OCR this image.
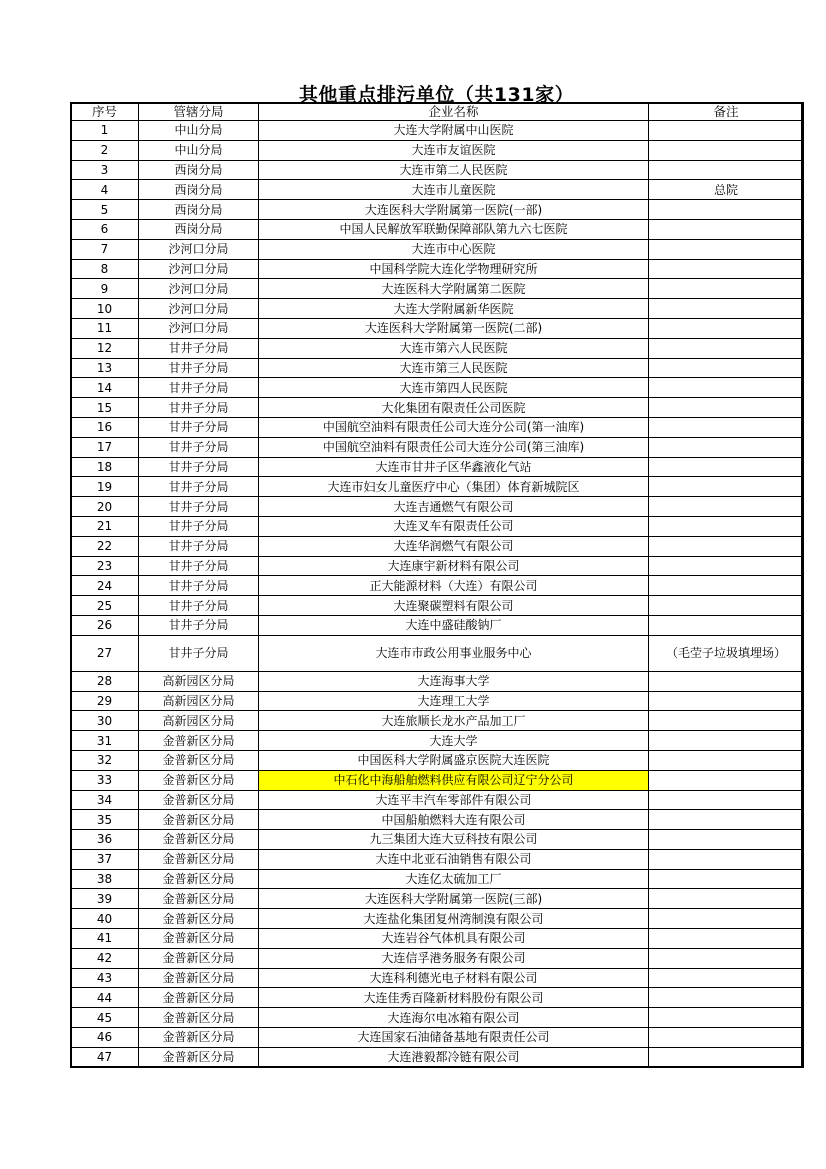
其他重点排污单位（共131家）
序号	管辖分局	企业名称	备注
1	中山分局	大连大学附属中山医院	
2	中山分局	大连市友谊医院	
3	西岗分局	大连市第二人民医院	
4	西岗分局	大连市儿童医院	总院
5	西岗分局	大连医科大学附属第一医院(一部)	
6	西岗分局	中国人民解放军联勤保障部队第九六七医院	
7	沙河口分局	大连市中心医院	
8	沙河口分局	中国科学院大连化学物理研究所	
9	沙河口分局	大连医科大学附属第二医院	
10	沙河口分局	大连大学附属新华医院	
11	沙河口分局	大连医科大学附属第一医院(二部)	
12	甘井子分局	大连市第六人民医院	
13	甘井子分局	大连市第三人民医院	
14	甘井子分局	大连市第四人民医院	
15	甘井子分局	大化集团有限责任公司医院	
16	甘井子分局	中国航空油料有限责任公司大连分公司(第一油库)	
17	甘井子分局	中国航空油料有限责任公司大连分公司(第三油库)	
18	甘井子分局	大连市甘井子区华鑫液化气站	
19	甘井子分局	大连市妇女儿童医疗中心（集团）体育新城院区	
20	甘井子分局	大连吉通燃气有限公司	
21	甘井子分局	大连叉车有限责任公司	
22	甘井子分局	大连华润燃气有限公司	
23	甘井子分局	大连康宇新材料有限公司	
24	甘井子分局	正大能源材料（大连）有限公司	
25	甘井子分局	大连聚碳塑料有限公司	
26	甘井子分局	大连中盛硅酸钠厂	
27	甘井子分局	大连市市政公用事业服务中心	（毛茔子垃圾填埋场）
28	高新园区分局	大连海事大学	
29	高新园区分局	大连理工大学	
30	高新园区分局	大连旅顺长龙水产品加工厂	
31	金普新区分局	大连大学	
32	金普新区分局	中国医科大学附属盛京医院大连医院	
33	金普新区分局	中石化中海船舶燃料供应有限公司辽宁分公司	
34	金普新区分局	大连平丰汽车零部件有限公司	
35	金普新区分局	中国船舶燃料大连有限公司	
36	金普新区分局	九三集团大连大豆科技有限公司	
37	金普新区分局	大连中北亚石油销售有限公司	
38	金普新区分局	大连亿太硫加工厂	
39	金普新区分局	大连医科大学附属第一医院(三部)	
40	金普新区分局	大连盐化集团复州湾制溴有限公司	
41	金普新区分局	大连岩谷气体机具有限公司	
42	金普新区分局	大连信孚港务服务有限公司	
43	金普新区分局	大连科利德光电子材料有限公司	
44	金普新区分局	大连佳秀百隆新材料股份有限公司	
45	金普新区分局	大连海尔电冰箱有限公司	
46	金普新区分局	大连国家石油储备基地有限责任公司	
47	金普新区分局	大连港毅都冷链有限公司	
